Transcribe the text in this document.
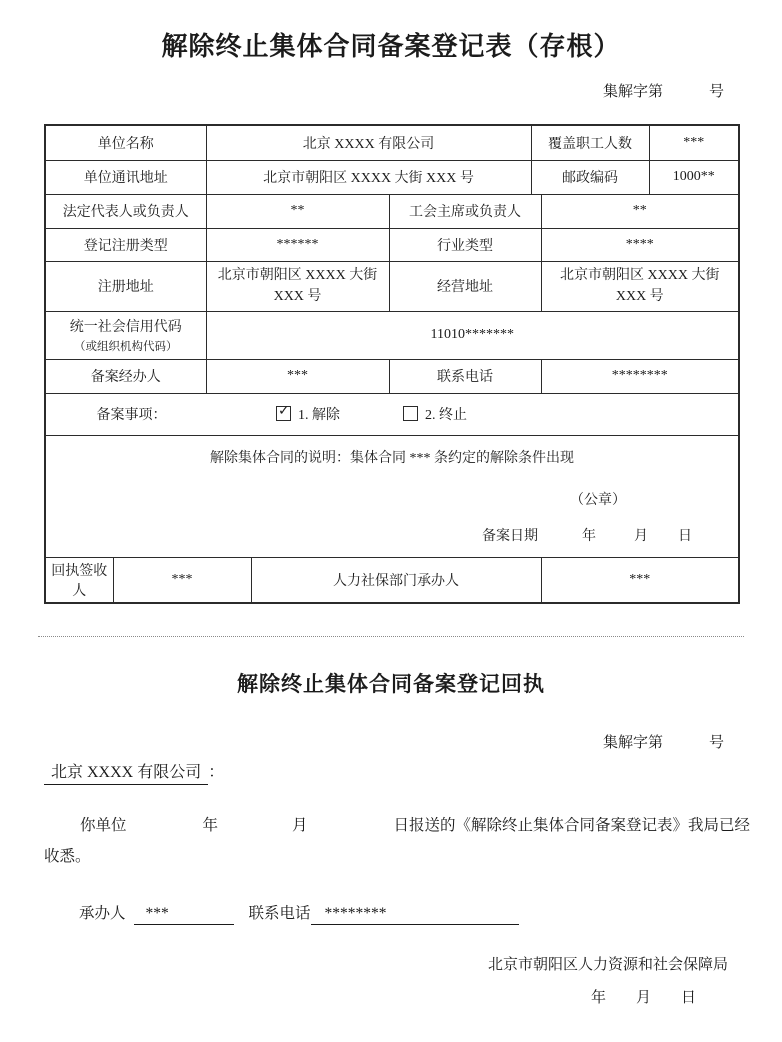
解除终止集体合同备案登记表（存根）
集解字第	号
单位名称		北京 XXXX 有限公司			覆盖职工人数		***
单位通讯地址		北京市朝阳区 XXXX 大街 XXX 号			邮政编码		1000**
法定代表人或负责人		**		工会主席或负责人		**	
登记注册类型		******		行业类型		****	
注册地址		北京市朝阳区 XXXX 大街 XXX 号		经营地址		北京市朝阳区 XXXX 大街 XXX 号	

统一社会信用代码
（或组织机构代码）		11010*******					
备案经办人		***		联系电话		********	

备案事项： ✓ 1. 解除 2. 终止

解除集体合同的说明：集体合同 *** 条约定的解除条件出现
（公章）
备案日期	年	月 日

回执签收人	***		人力社保部门承办人			***	
解除终止集体合同备案登记回执
集解字第	号
北京 XXXX 有限公司 ：
你单位	年	月	日报送的《解除终止集体合同备案登记表》我局已经
收悉。
承办人	***	联系电话 ********
北京市朝阳区人力资源和社会保障局
年 月 日
